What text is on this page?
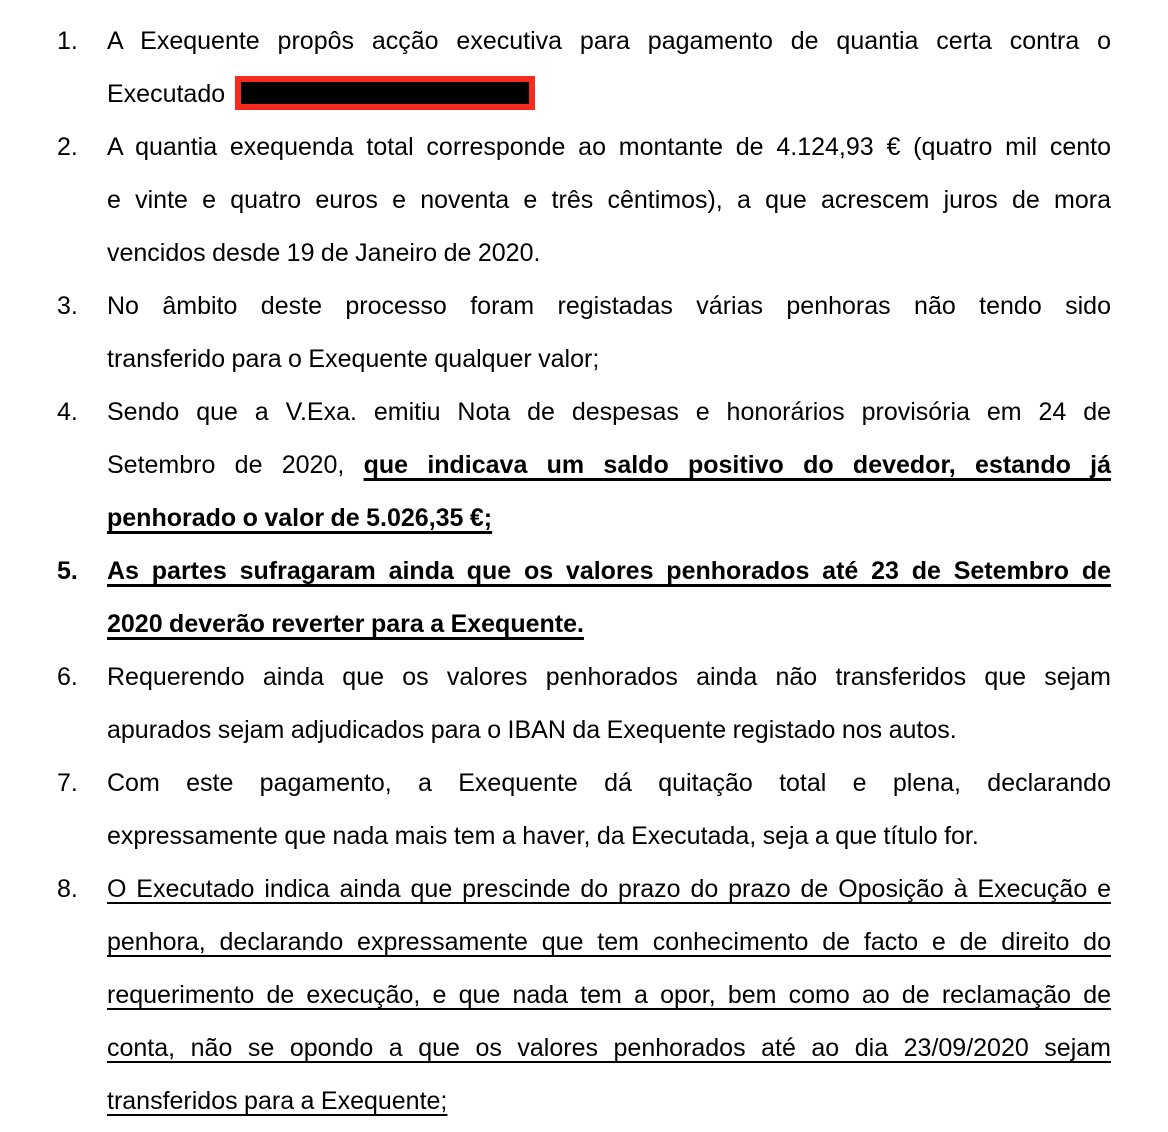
1.	A Exequente propôs acção executiva para pagamento de quantia certa contra o
Executado
2.	A quantia exequenda total corresponde ao montante de 4.124,93 € (quatro mil cento
e vinte e quatro euros e noventa e três cêntimos), a que acrescem juros de mora
vencidos desde 19 de Janeiro de 2020.
3.	No âmbito deste processo foram registadas várias penhoras não tendo sido
transferido para o Exequente qualquer valor;
4.	Sendo que a V.Exa. emitiu Nota de despesas e honorários provisória em 24 de
Setembro de 2020, que indicava um saldo positivo do devedor, estando já
penhorado o valor de 5.026,35 €;
5.	As partes sufragaram ainda que os valores penhorados até 23 de Setembro de
2020 deverão reverter para a Exequente.
6.	Requerendo ainda que os valores penhorados ainda não transferidos que sejam
apurados sejam adjudicados para o IBAN da Exequente registado nos autos.
7.	Com este pagamento, a Exequente dá quitação total e plena, declarando
expressamente que nada mais tem a haver, da Executada, seja a que título for.
8.	O Executado indica ainda que prescinde do prazo do prazo de Oposição à Execução e
penhora, declarando expressamente que tem conhecimento de facto e de direito do
requerimento de execução, e que nada tem a opor, bem como ao de reclamação de
conta, não se opondo a que os valores penhorados até ao dia 23/09/2020 sejam
transferidos para a Exequente;
